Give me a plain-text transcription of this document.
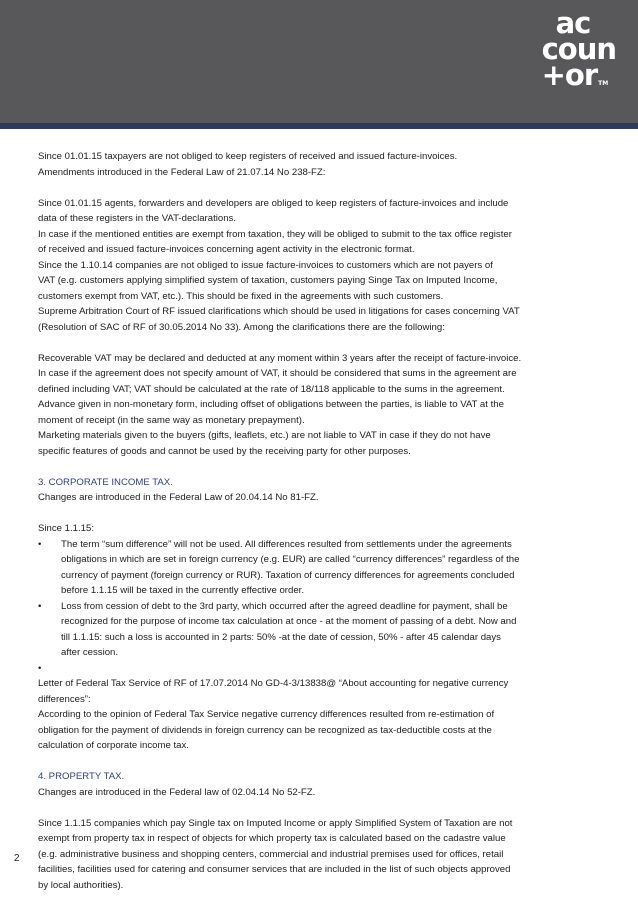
ac
coun
+orTM

Since 01.01.15 taxpayers are not obliged to keep registers of received and issued facture-invoices.

Amendments introduced in the Federal Law of 21.07.14 No 238-FZ:

Since 01.01.15 agents, forwarders and developers are obliged to keep registers of facture-invoices and include

data of these registers in the VAT-declarations.

In case if the mentioned entities are exempt from taxation, they will be obliged to submit to the tax office register

of received and issued facture-invoices concerning agent activity in the electronic format.

Since the 1.10.14 companies are not obliged to issue facture-invoices to customers which are not payers of

VAT (e.g. customers applying simplified system of taxation, customers paying Singe Tax on Imputed Income,

customers exempt from VAT, etc.). This should be fixed in the agreements with such customers.

Supreme Arbitration Court of RF issued clarifications which should be used in litigations for cases concerning VAT

(Resolution of SAC of RF of 30.05.2014 No 33). Among the clarifications there are the following:

Recoverable VAT may be declared and deducted at any moment within 3 years after the receipt of facture-invoice.

In case if the agreement does not specify amount of VAT, it should be considered that sums in the agreement are

defined including VAT; VAT should be calculated at the rate of 18/118 applicable to the sums in the agreement.

Advance given in non-monetary form, including offset of obligations between the parties, is liable to VAT at the

moment of receipt (in the same way as monetary prepayment).

Marketing materials given to the buyers (gifts, leaflets, etc.) are not liable to VAT in case if they do not have

specific features of goods and cannot be used by the receiving party for other purposes.

3. CORPORATE INCOME TAX.

Changes are introduced in the Federal Law of 20.04.14 No 81-FZ.

Since 1.1.15:

• The term “sum difference” will not be used. All differences resulted from settlements under the agreements

obligations in which are set in foreign currency (e.g. EUR) are called “currency differences” regardless of the

currency of payment (foreign currency or RUR). Taxation of currency differences for agreements concluded

before 1.1.15 will be taxed in the currently effective order.

• Loss from cession of debt to the 3rd party, which occurred after the agreed deadline for payment, shall be

recognized for the purpose of income tax calculation at once - at the moment of passing of a debt. Now and

till 1.1.15: such a loss is accounted in 2 parts: 50% -at the date of cession, 50% - after 45 calendar days

after cession.

•

Letter of Federal Tax Service of RF of 17.07.2014 No GD-4-3/13838@ “About accounting for negative currency

differences”:

According to the opinion of Federal Tax Service negative currency differences resulted from re-estimation of

obligation for the payment of dividends in foreign currency can be recognized as tax-deductible costs at the

calculation of corporate income tax.

4. PROPERTY TAX.

Changes are introduced in the Federal law of 02.04.14 No 52-FZ.

Since 1.1.15 companies which pay Single tax on Imputed Income or apply Simplified System of Taxation are not

exempt from property tax in respect of objects for which property tax is calculated based on the cadastre value

(e.g. administrative business and shopping centers, commercial and industrial premises used for offices, retail

facilities, facilities used for catering and consumer services that are included in the list of such objects approved

by local authorities).

2
